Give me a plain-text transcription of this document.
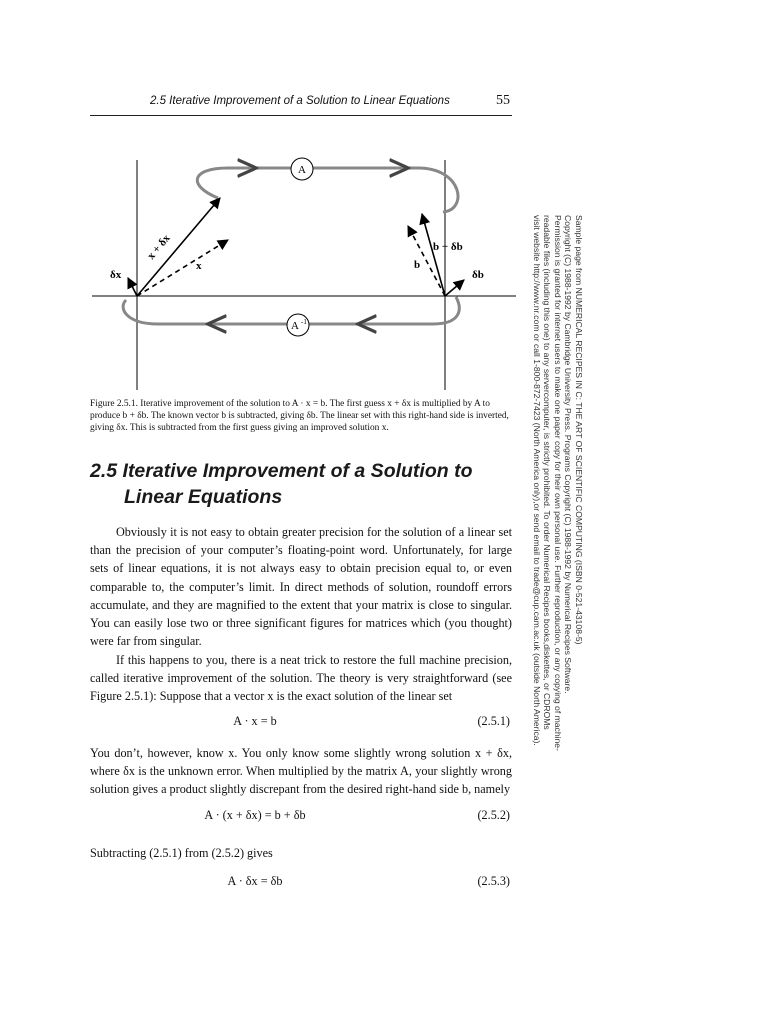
2.5 Iterative Improvement of a Solution to Linear Equations	55
A
A -1
x + δx
x
δx
b + δb
b
δb
Figure 2.5.1. Iterative improvement of the solution to A · x = b. The first guess x + δx is multiplied by A to produce b + δb. The known vector b is subtracted, giving δb. The linear set with this right-hand side is inverted, giving δx. This is subtracted from the first guess giving an improved solution x.
2.5 Iterative Improvement of a Solution to
Linear Equations
Obviously it is not easy to obtain greater precision for the solution of a linear set than the precision of your computer’s floating-point word. Unfortunately, for large sets of linear equations, it is not always easy to obtain precision equal to, or even comparable to, the computer’s limit. In direct methods of solution, roundoff errors accumulate, and they are magnified to the extent that your matrix is close to singular. You can easily lose two or three significant figures for matrices which (you thought) were far from singular.
If this happens to you, there is a neat trick to restore the full machine precision, called iterative improvement of the solution. The theory is very straightforward (see Figure 2.5.1): Suppose that a vector x is the exact solution of the linear set
A · x = b	(2.5.1)
You don’t, however, know x. You only know some slightly wrong solution x + δx, where δx is the unknown error. When multiplied by the matrix A, your slightly wrong solution gives a product slightly discrepant from the desired right-hand side b, namely
A · (x + δx) = b + δb	(2.5.2)
Subtracting (2.5.1) from (2.5.2) gives
A · δx = δb	(2.5.3)
Sample page from NUMERICAL RECIPES IN C: THE ART OF SCIENTIFIC COMPUTING (ISBN 0-521-43108-5)
Copyright (C) 1988-1992 by Cambridge University Press. Programs Copyright (C) 1988-1992 by Numerical Recipes Software.
Permission is granted for internet users to make one paper copy for their own personal use. Further reproduction, or any copying of machine-
readable files (including this one) to any servercomputer, is strictly prohibited. To order Numerical Recipes books,diskettes, or CDROMs
visit website http://www.nr.com or call 1-800-872-7423 (North America only),or send email to trade@cup.cam.ac.uk (outside North America).
